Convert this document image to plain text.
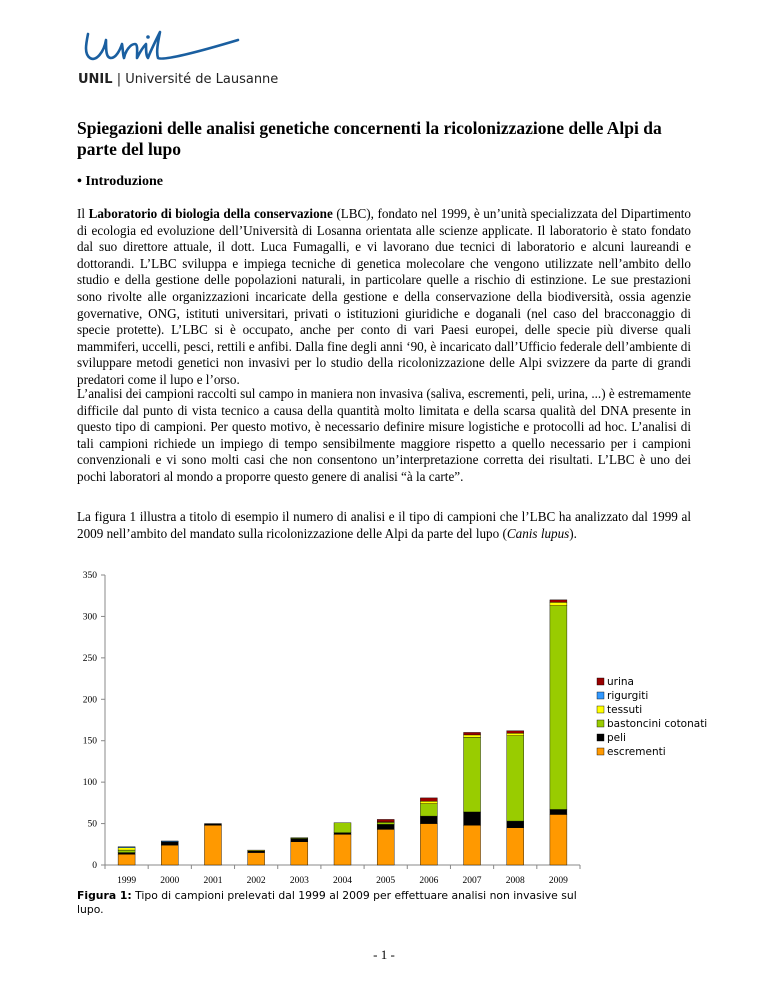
UNIL | Université de Lausanne
Spiegazioni delle analisi genetiche concernenti la ricolonizzazione delle Alpi da parte del lupo
• Introduzione

Il Laboratorio di biologia della conservazione (LBC), fondato nel 1999, è un’unità specializzata del Dipartimento di ecologia ed evoluzione dell’Università di Losanna orientata alle scienze applicate. Il laboratorio è stato fondato dal suo direttore attuale, il dott. Luca Fumagalli, e vi lavorano due tecnici di laboratorio e alcuni laureandi e dottorandi. L’LBC sviluppa e impiega tecniche di genetica molecolare che vengono utilizzate nell’ambito dello studio e della gestione delle popolazioni naturali, in particolare quelle a rischio di estinzione. Le sue prestazioni sono rivolte alle organizzazioni incaricate della gestione e della conservazione della biodiversità, ossia agenzie governative, ONG, istituti universitari, privati o istituzioni giuridiche e doganali (nel caso del bracconaggio di specie protette). L’LBC si è occupato, anche per conto di vari Paesi europei, delle specie più diverse quali mammiferi, uccelli, pesci, rettili e anfibi. Dalla fine degli anni ‘90, è incaricato dall’Ufficio federale dell’ambiente di sviluppare metodi genetici non invasivi per lo studio della ricolonizzazione delle Alpi svizzere da parte di grandi predatori come il lupo e l’orso.

L’analisi dei campioni raccolti sul campo in maniera non invasiva (saliva, escrementi, peli, urina, ...) è estremamente difficile dal punto di vista tecnico a causa della quantità molto limitata e della scarsa qualità del DNA presente in questo tipo di campioni. Per questo motivo, è necessario definire misure logistiche e protocolli ad hoc. L’analisi di tali campioni richiede un impiego di tempo sensibilmente maggiore rispetto a quello necessario per i campioni convenzionali e vi sono molti casi che non consentono un’interpretazione corretta dei risultati. L’LBC è uno dei pochi laboratori al mondo a proporre questo genere di analisi “à la carte”.

La figura 1 illustra a titolo di esempio il numero di analisi e il tipo di campioni che l’LBC ha analizzato dal 1999 al 2009 nell’ambito del mandato sulla ricolonizzazione delle Alpi da parte del lupo (Canis lupus).

0
50
100
150
200
250
300
350
1999	2000	2001	2002	2003	2004	2005	2006	2007	2008	2009
urina
rigurgiti
tessuti
bastoncini cotonati
peli
escrementi

Figura 1: Tipo di campioni prelevati dal 1999 al 2009 per effettuare analisi non invasive sul lupo.

- 1 -
